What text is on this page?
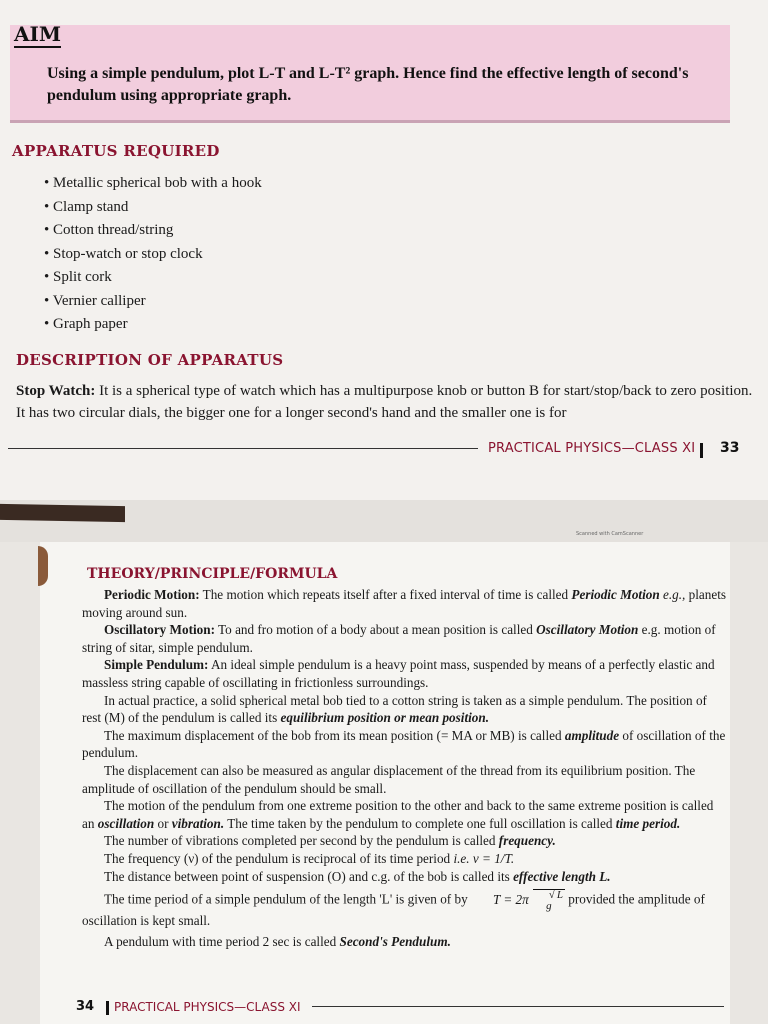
AIM
Using a simple pendulum, plot L-T and L-T² graph. Hence find the effective length of second's pendulum using appropriate graph.
APPARATUS REQUIRED
• Metallic spherical bob with a hook
• Clamp stand
• Cotton thread/string
• Stop-watch or stop clock
• Split cork
• Vernier calliper
• Graph paper
DESCRIPTION OF APPARATUS
Stop Watch: It is a spherical type of watch which has a multipurpose knob or button B for start/stop/back to zero position. It has two circular dials, the bigger one for a longer second's hand and the smaller one is for
PRACTICAL PHYSICS—CLASS XI 33
Scanned with CamScanner
THEORY/PRINCIPLE/FORMULA

Periodic Motion: The motion which repeats itself after a fixed interval of time is called Periodic Motion e.g., planets moving around sun.

Oscillatory Motion: To and fro motion of a body about a mean position is called Oscillatory Motion e.g. motion of string of sitar, simple pendulum.

Simple Pendulum: An ideal simple pendulum is a heavy point mass, suspended by means of a perfectly elastic and massless string capable of oscillating in frictionless surroundings.

In actual practice, a solid spherical metal bob tied to a cotton string is taken as a simple pendulum. The position of rest (M) of the pendulum is called its equilibrium position or mean position.

The maximum displacement of the bob from its mean position (= MA or MB) is called amplitude of oscillation of the pendulum.

The displacement can also be measured as angular displacement of the thread from its equilibrium position. The amplitude of oscillation of the pendulum should be small.

The motion of the pendulum from one extreme position to the other and back to the same extreme position is called an oscillation or vibration. The time taken by the pendulum to complete one full oscillation is called time period.

The number of vibrations completed per second by the pendulum is called frequency.

The frequency (ν) of the pendulum is reciprocal of its time period i.e. ν = 1/T.

The distance between point of suspension (O) and c.g. of the bob is called its effective length L.

The time period of a simple pendulum of the length 'L' is given of by T = 2π√	L
g provided the amplitude of oscillation is kept small.

A pendulum with time period 2 sec is called Second's Pendulum.

34 PRACTICAL PHYSICS—CLASS XI
